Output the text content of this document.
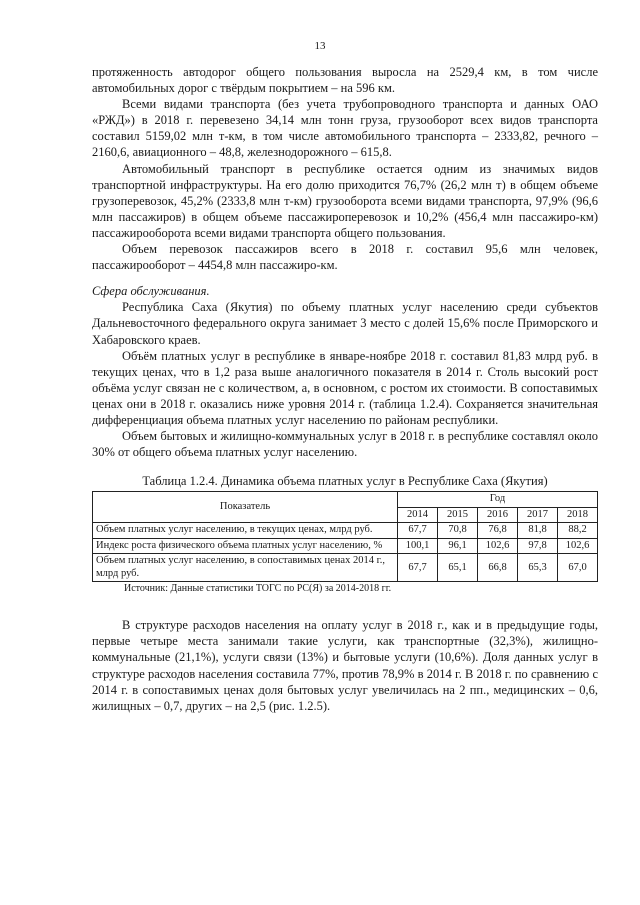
13

протяженность автодорог общего пользования выросла на 2529,4 км, в том числе автомобильных дорог с твёрдым покрытием – на 596 км.

Всеми видами транспорта (без учета трубопроводного транспорта и данных ОАО «РЖД») в 2018 г. перевезено 34,14 млн тонн груза, грузооборот всех видов транспорта составил 5159,02 млн т-км, в том числе автомобильного транспорта – 2333,82, речного – 2160,6, авиационного – 48,8, железнодорожного – 615,8.

Автомобильный транспорт в республике остается одним из значимых видов транспортной инфраструктуры. На его долю приходится 76,7% (26,2 млн т) в общем объеме грузоперевозок, 45,2% (2333,8 млн т-км) грузооборота всеми видами транспорта, 97,9% (96,6 млн пассажиров) в общем объеме пассажироперевозок и 10,2% (456,4 млн пассажиро-км) пассажирооборота всеми видами транспорта общего пользования.

Объем перевозок пассажиров всего в 2018 г. составил 95,6 млн человек, пассажирооборот – 4454,8 млн пассажиро-км.

Сфера обслуживания.

Республика Саха (Якутия) по объему платных услуг населению среди субъектов Дальневосточного федерального округа занимает 3 место с долей 15,6% после Приморского и Хабаровского краев.

Объём платных услуг в республике в январе-ноябре 2018 г. составил 81,83 млрд руб. в текущих ценах, что в 1,2 раза выше аналогичного показателя в 2014 г. Столь высокий рост объёма услуг связан не с количеством, а, в основном, с ростом их стоимости. В сопоставимых ценах они в 2018 г. оказались ниже уровня 2014 г. (таблица 1.2.4). Сохраняется значительная дифференциация объема платных услуг населению по районам республики.

Объем бытовых и жилищно-коммунальных услуг в 2018 г. в республике составлял около 30% от общего объема платных услуг населению.

Таблица 1.2.4. Динамика объема платных услуг в Республике Саха (Якутия)

Показатель	Год				
	2014	2015	2016	2017	2018
Объем платных услуг населению, в текущих ценах, млрд руб.	67,7	70,8	76,8	81,8	88,2
Индекс роста физического объема платных услуг населению, %	100,1	96,1	102,6	97,8	102,6
Объем платных услуг населению, в сопоставимых ценах 2014 г., млрд руб.	67,7	65,1	66,8	65,3	67,0

Источник: Данные статистики ТОГС по РС(Я) за 2014-2018 гг.

В структуре расходов населения на оплату услуг в 2018 г., как и в предыдущие годы, первые четыре места занимали такие услуги, как транспортные (32,3%), жилищно-коммунальные (21,1%), услуги связи (13%) и бытовые услуги (10,6%). Доля данных услуг в структуре расходов населения составила 77%, против 78,9% в 2014 г. В 2018 г. по сравнению с 2014 г. в сопоставимых ценах доля бытовых услуг увеличилась на 2 пп., медицинских – 0,6, жилищных – 0,7, других – на 2,5 (рис. 1.2.5).
